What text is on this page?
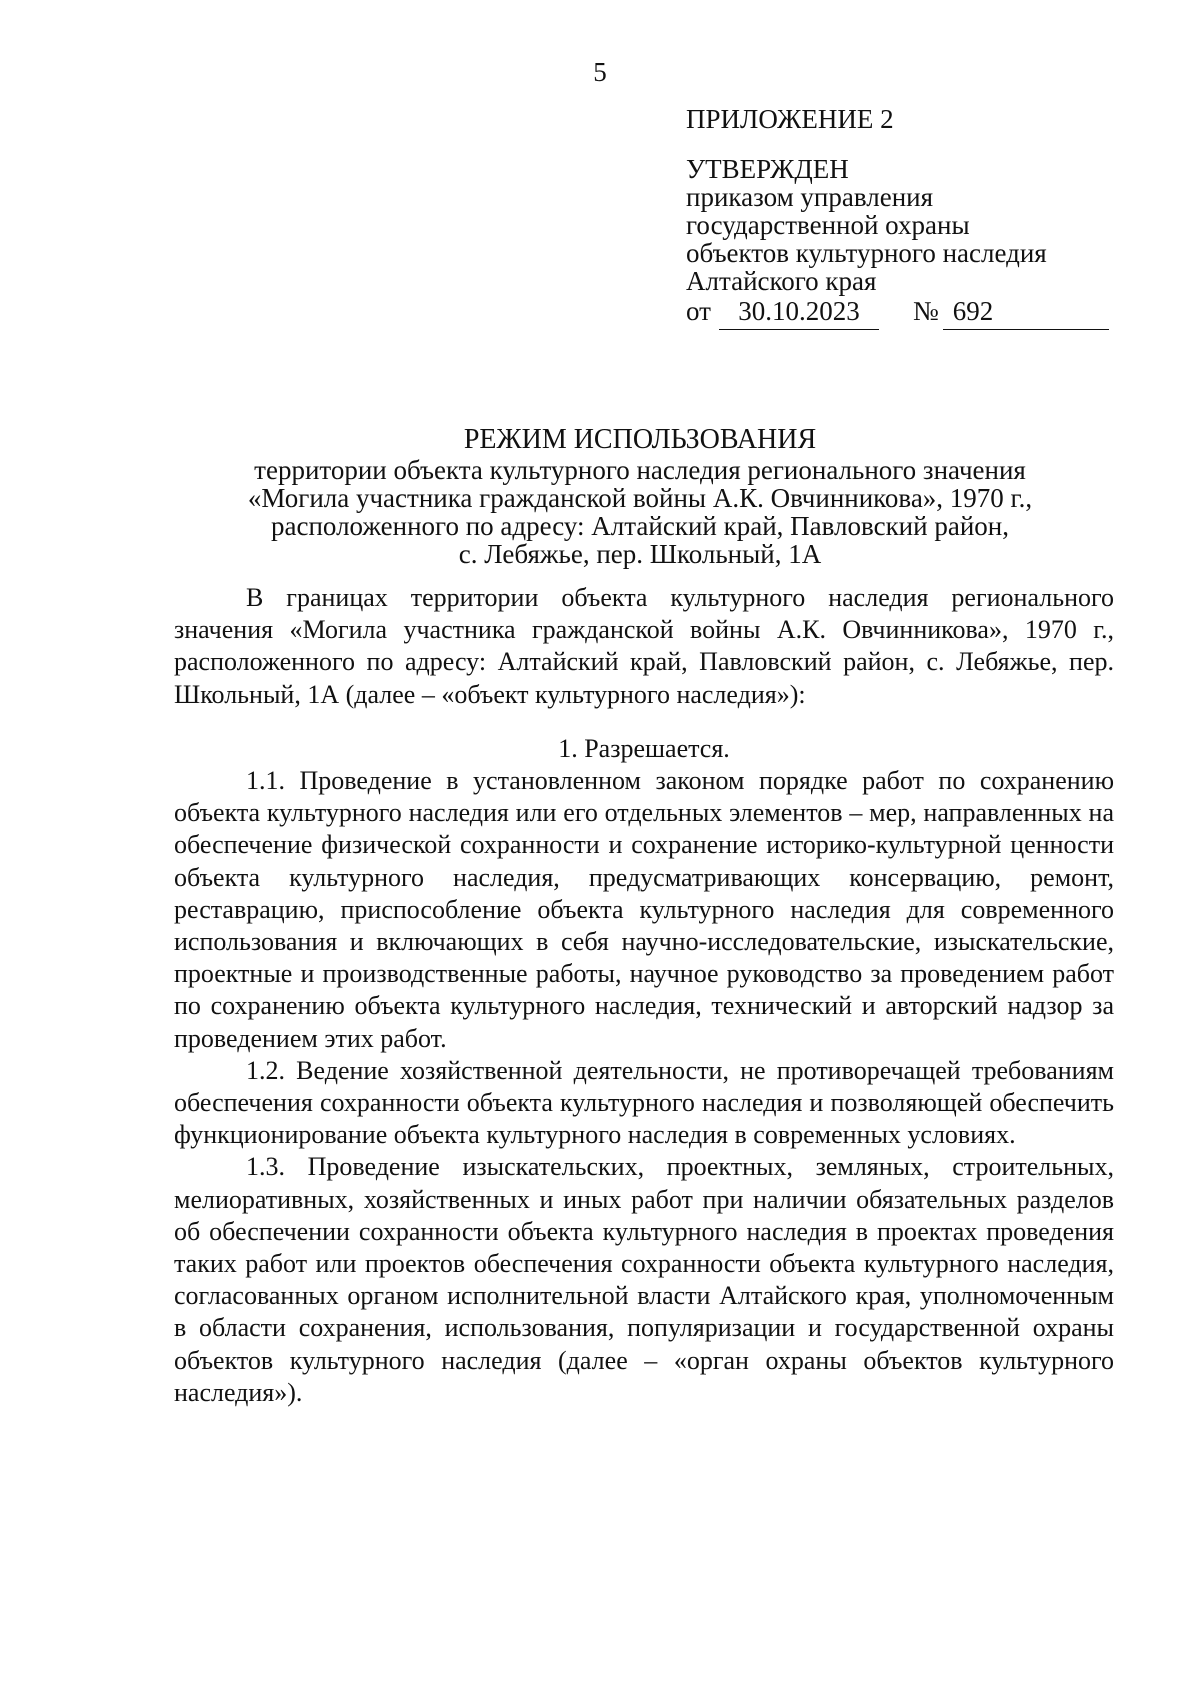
5
ПРИЛОЖЕНИЕ 2
УТВЕРЖДЕН
приказом управления
государственной охраны
объектов культурного наследия
Алтайского края
от 30.10.2023 № 692
РЕЖИМ ИСПОЛЬЗОВАНИЯ
территории объекта культурного наследия регионального значения
«Могила участника гражданской войны А.К. Овчинникова», 1970 г.,
расположенного по адресу: Алтайский край, Павловский район,
с. Лебяжье, пер. Школьный, 1А

В границах территории объекта культурного наследия регионального значения «Могила участника гражданской войны А.К. Овчинникова», 1970 г., расположенного по адресу: Алтайский край, Павловский район, с. Лебяжье, пер. Школьный, 1А (далее – «объект культурного наследия»):

1. Разрешается.

1.1. Проведение в установленном законом порядке работ по сохранению объекта культурного наследия или его отдельных элементов – мер, направленных на обеспечение физической сохранности и сохранение историко-культурной ценности объекта культурного наследия, предусматривающих консервацию, ремонт, реставрацию, приспособление объекта культурного наследия для современного использования и включающих в себя научно-исследовательские, изыскательские, проектные и производственные работы, научное руководство за проведением работ по сохранению объекта культурного наследия, технический и авторский надзор за проведением этих работ.

1.2. Ведение хозяйственной деятельности, не противоречащей требованиям обеспечения сохранности объекта культурного наследия и позволяющей обеспечить функционирование объекта культурного наследия в современных условиях.

1.3. Проведение изыскательских, проектных, земляных, строительных, мелиоративных, хозяйственных и иных работ при наличии обязательных разделов об обеспечении сохранности объекта культурного наследия в проектах проведения таких работ или проектов обеспечения сохранности объекта культурного наследия, согласованных органом исполнительной власти Алтайского края, уполномоченным в области сохранения, использования, популяризации и государственной охраны объектов культурного наследия (далее – «орган охраны объектов культурного наследия»).
